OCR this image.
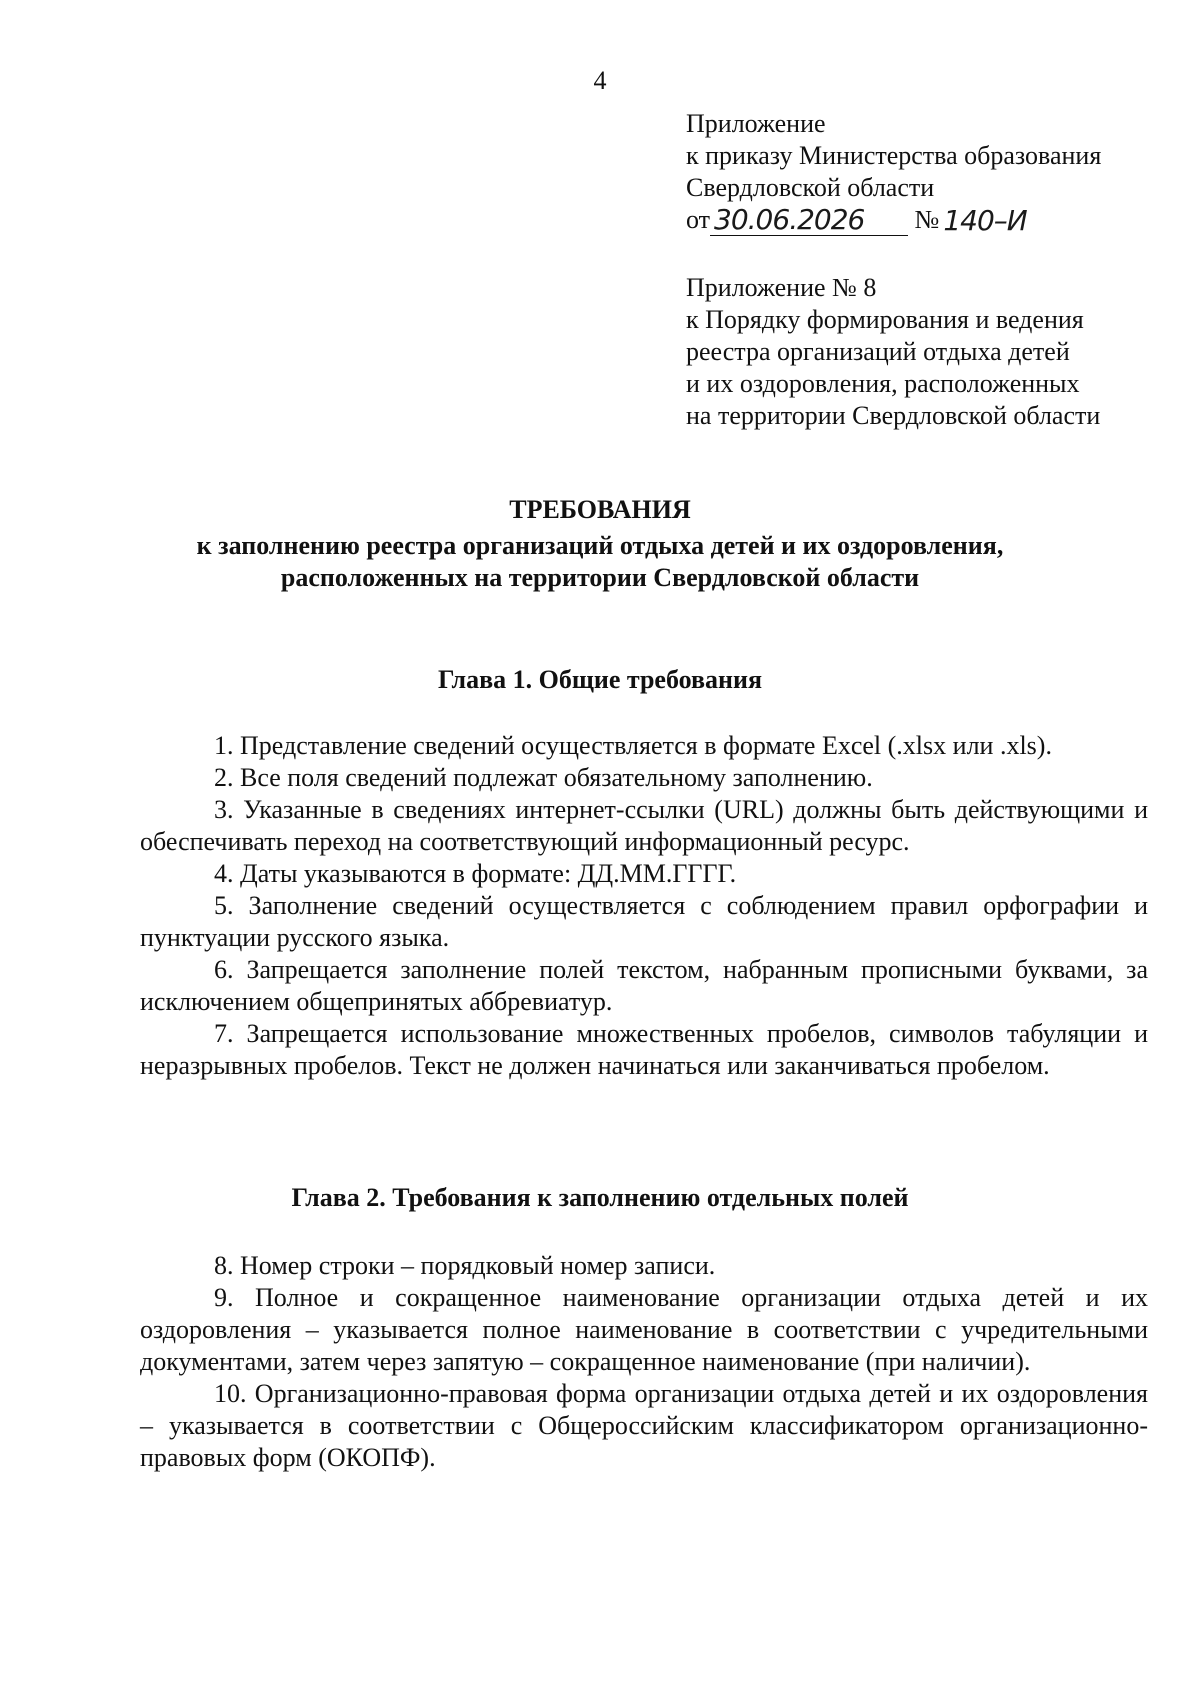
4
Приложение
к приказу Министерства образования
Свердловской области
от 30.06.2026 № 140–И
Приложение № 8
к Порядку формирования и ведения
реестра организаций отдыха детей
и их оздоровления, расположенных
на территории Свердловской области
ТРЕБОВАНИЯ
к заполнению реестра организаций отдыха детей и их оздоровления, расположенных на территории Свердловской области
Глава 1. Общие требования

1. Представление сведений осуществляется в формате Excel (.xlsx или .xls).

2. Все поля сведений подлежат обязательному заполнению.

3. Указанные в сведениях интернет-ссылки (URL) должны быть действующими и обеспечивать переход на соответствующий информационный ресурс.

4. Даты указываются в формате: ДД.ММ.ГГГГ.

5. Заполнение сведений осуществляется с соблюдением правил орфографии и пунктуации русского языка.

6. Запрещается заполнение полей текстом, набранным прописными буквами, за исключением общепринятых аббревиатур.

7. Запрещается использование множественных пробелов, символов табуляции и неразрывных пробелов. Текст не должен начинаться или заканчиваться пробелом.

Глава 2. Требования к заполнению отдельных полей

8. Номер строки – порядковый номер записи.

9. Полное и сокращенное наименование организации отдыха детей и их оздоровления – указывается полное наименование в соответствии с учредительными документами, затем через запятую – сокращенное наименование (при наличии).

10. Организационно-правовая форма организации отдыха детей и их оздоровления – указывается в соответствии с Общероссийским классификатором организационно-правовых форм (ОКОПФ).
